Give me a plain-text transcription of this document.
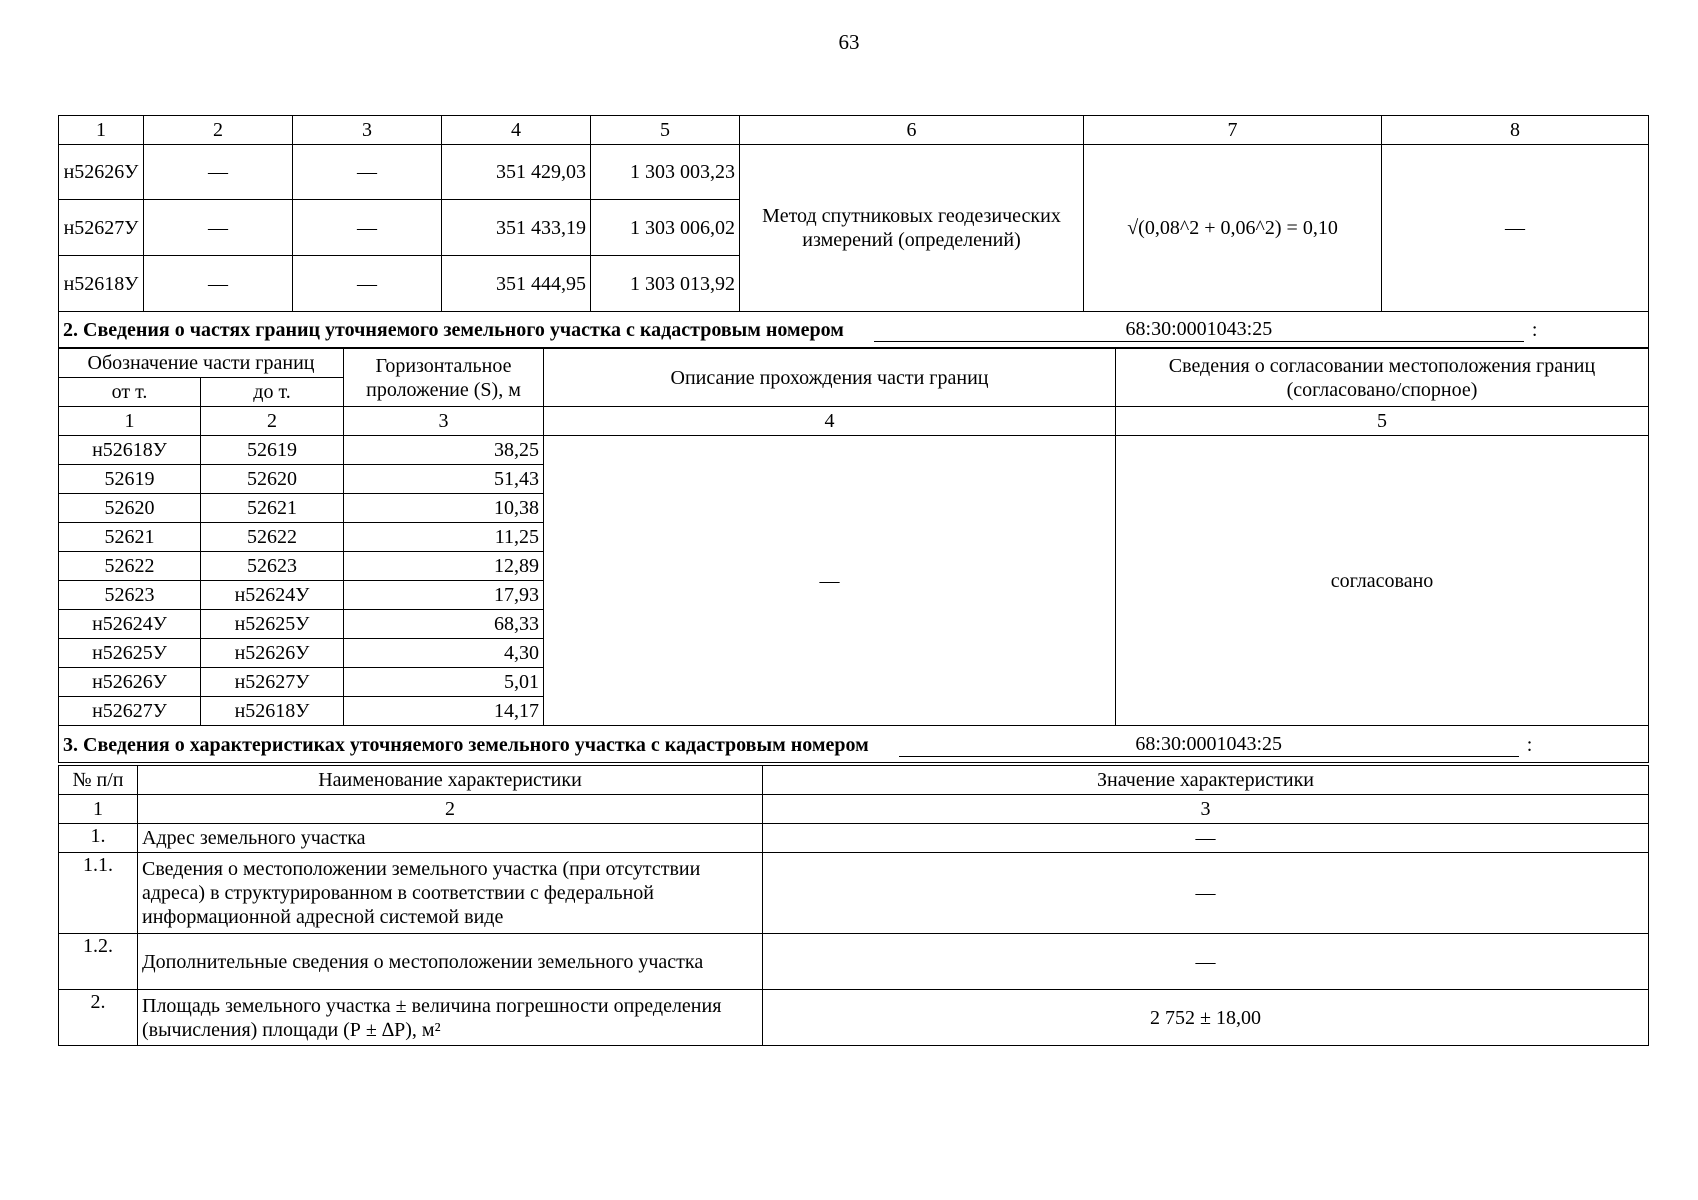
63
1	2	3	4	5	6	7	8
н52626У	—	—	351 429,03	1 303 003,23	Метод спутниковых геодезических измерений (определений)	√(0,08^2 + 0,06^2) = 0,10	—
н52627У	—	—	351 433,19	1 303 006,02			
н52618У	—	—	351 444,95	1 303 013,92			

2. Сведения о частях границ уточняемого земельного участка с кадастровым номером 68:30:0001043:25 :							
Обозначение части границ		Горизонтальное проложение (S), м	Описание прохождения части границ	Сведения о согласовании местоположения границ (согласовано/спорное)
от т.	до т.			
1	2	3	4	5
н52618У	52619	38,25	—	согласовано
52619	52620	51,43		
52620	52621	10,38		
52621	52622	11,25		
52622	52623	12,89		
52623	н52624У	17,93		
н52624У	н52625У	68,33		
н52625У	н52626У	4,30		
н52626У	н52627У	5,01		
н52627У	н52618У	14,17		

3. Сведения о характеристиках уточняемого земельного участка с кадастровым номером 68:30:0001043:25 :				
№ п/п	Наименование характеристики	Значение характеристики
1	2	3
1.	Адрес земельного участка	—
1.1.	Сведения о местоположении земельного участка (при отсутствии адреса) в структурированном в соответствии с федеральной информационной адресной системой виде	—
1.2.	Дополнительные сведения о местоположении земельного участка	—
2.	Площадь земельного участка ± величина погрешности определения (вычисления) площади (Р ± ∆Р), м²	2 752 ± 18,00
